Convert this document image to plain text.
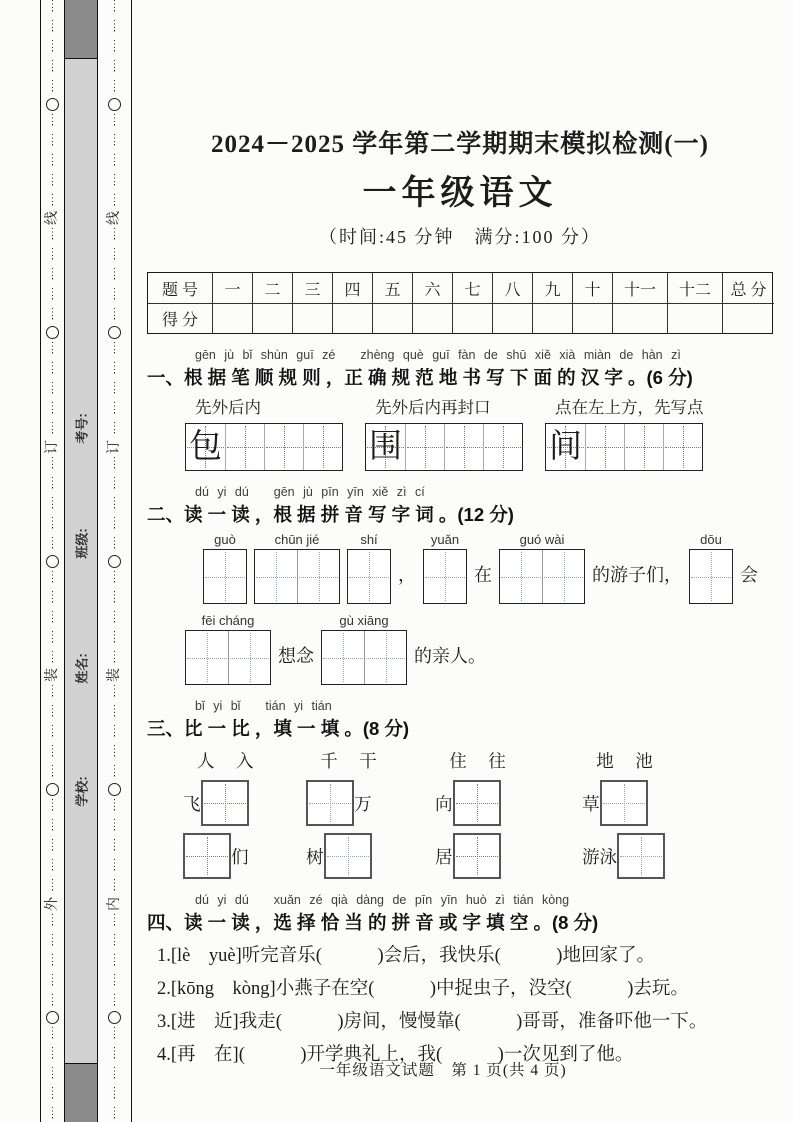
线
订
装
外
考号:
班级:
姓名:
学校:
线
订
装
内
2024－2025 学年第二学期期末模拟检测(一)
一年级语文
（时间:45 分钟　满分:100 分）
题 号	一	二	三	四	五	六	七	八	九	十	十一	十二	总 分
得 分
gēn jù bǐ shùn guī zé　　zhèng què guī fàn de shū xiě xià miàn de hàn zì
一、根 据 笔 顺 规 则 ，正 确 规 范 地 书 写 下 面 的 汉 字 。(6 分)
先外后内
包
先外后内再封口
围
点在左上方，先写点
间
dú yi dú　　gēn jù pīn yīn xiě zì cí
二、读 一 读 ，根 据 拼 音 写 字 词 。(12 分)
guò	chūn jié	shí
，
yuǎn
在
guó wài
的游子们，
dōu
会
fēi cháng
想念
gù xiāng
的亲人。
bǐ yi bǐ　　tián yi tián
三、比 一 比 ，填 一 填 。(8 分)
人　入	千　干	住　往	地　池
飞	万	向	草
们	树	居	游泳
dú yi dú　　xuǎn zé qià dàng de pīn yīn huò zì tián kòng
四、读 一 读 ，选 择 恰 当 的 拼 音 或 字 填 空 。(8 分)
1.[lè　yuè]听完音乐 •(　　　)会后，我快乐 •(　　　)地回家了。
2.[kōng　kòng]小燕子在空 •(　　　)中捉虫子，没空 •(　　　)去玩。
3.[进　近]我走(　　　)房间，慢慢靠(　　　)哥哥，准备吓他一下。
4.[再　在](　　　)开学典礼上，我(　　　)一次见到了他。
一年级语文试题　第 1 页(共 4 页)
